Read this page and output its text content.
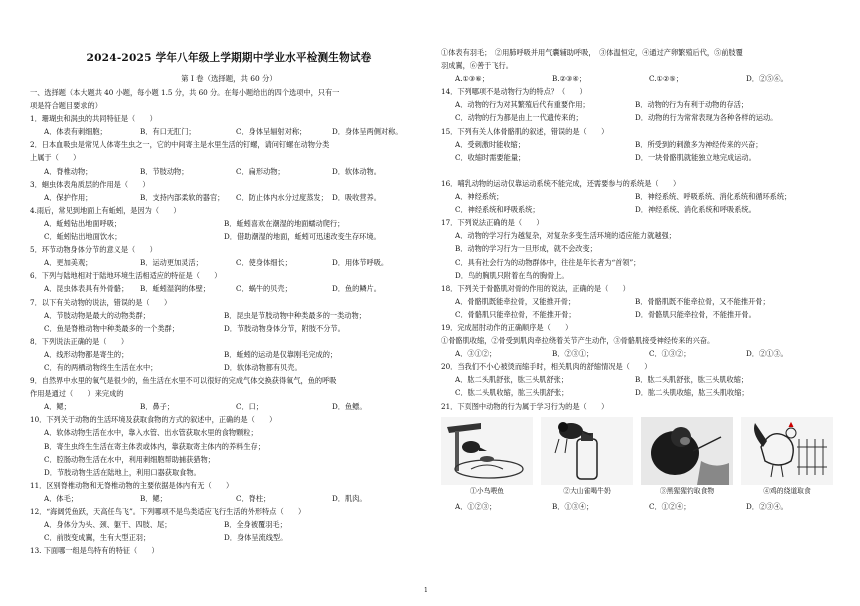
2024-2025 学年八年级上学期期中学业水平检测生物试卷
第 I 卷（选择题，共 60 分）
一、选择题（本大题共 40 小题，每小题 1.5 分，共 60 分。在每小题给出的四个选项中，只有一
项是符合题目要求的）
1．珊瑚虫和涡虫的共同特征是（　　）
A．体表有刺细胞；	B．有口无肛门；	C．身体呈辐射对称；	D．身体呈两侧对称。
2．日本血吸虫是常见人体寄生虫之一，它的中间寄主是水里生活的钉螺，请问钉螺在动物分类
上属于（　　）
A．脊椎动物；	B．节肢动物；	C．扁形动物；	D．软体动物。
3．蛔虫体表角质层的作用是（　　）
A．保护作用；	B．支持内部柔软的器官；	C．防止体内水分过度蒸发； D．吸收营养。
4.雨后，常见到地面上有蚯蚓，是因为（　　）
A．蚯蚓钻出地面呼吸；	B．蚯蚓喜欢在潮湿的地面蠕动爬行；
C．蚯蚓钻出地面饮水；	D．借助潮湿的地面，蚯蚓可迅速改变生存环境。
5．环节动物身体分节的意义是（　　）
A．更加美观；	B．运动更加灵活；	C．使身体细长；	D．用体节呼吸。
6．下列与陆地相对于陆地环境生活相适应的特征是（　　）
A．昆虫体表具有外骨骼；	B．蚯蚓湿润的体壁；	C．蜗牛的贝壳；	D．鱼的鳞片。
7．以下有关动物的说法，错误的是（　　）
A．节肢动物是最大的动物类群；	B．昆虫是节肢动物中种类最多的一类动物；
C．鱼是脊椎动物中种类最多的一个类群；	D．节肢动物身体分节，附肢不分节。
8．下列说法正确的是（　　）
A．线形动物都是寄生的；	B．蚯蚓的运动是仅靠刚毛完成的；
C．有的两栖动物终生生活在水中；	D．软体动物都有贝壳。
9．自然界中水里的氧气是很少的，鱼生活在水里不可以很好的完成气体交换获得氧气，鱼的呼吸
作用是通过（　　）来完成的
A．鳃；	B．鼻子；	C．口；	D．鱼鳔。
10．下列关于动物的生活环境及获取食物的方式的叙述中，正确的是（　　）
A．软体动物生活在水中，靠入水管、出水管获取水里的食物颗粒；
B．寄生虫终生生活在寄主体表或体内，靠获取寄主体内的养料生存；
C．腔肠动物生活在水中，利用刺细胞帮助捕获猎物；
D．节肢动物生活在陆地上，利用口器获取食物。
11．区别脊椎动物和无脊椎动物的主要依据是体内有无（　　）
A．体毛；	B．鳃；	C．脊柱；	D．肌肉。
12．“海阔凭鱼跃，天高任鸟飞”。下列哪项不是鸟类适应飞行生活的外形特点（　　）
A．身体分为头、颈、躯干、四肢、尾；	B．全身被覆羽毛；
C．前肢变成翼，生有大型正羽；	D．身体呈流线型。
13. 下面哪一组是鸟特有的特征（　　）
①体表有羽毛；　②用肺呼吸并用气囊辅助呼吸，　③体温恒定，④通过产卵繁殖后代，⑤前肢覆
羽成翼，⑥善于飞行。
A.①③⑥；	B.②③④；	C.①②⑤；	D．②⑤⑥。
14．下列哪项不是动物行为的特点？（　　）
A．动物的行为对其繁殖后代有重要作用；	B．动物的行为有利于动物的存活；
C．动物的行为都是由上一代遗传来的；	D．动物的行为常常表现为各种各样的运动。
15．下列有关人体骨骼肌的叙述，错误的是（　　）
A．受刺激时能收缩；	B．所受到的刺激多为神经传来的兴奋；
C．收缩时需要能量；	D．一块骨骼肌就能独立地完成运动。
16．哺乳动物的运动仅靠运动系统不能完成，还需要参与的系统是（　　）
A．神经系统；	B．神经系统、呼吸系统、消化系统和循环系统；
C．神经系统和呼吸系统；	D．神经系统、消化系统和呼吸系统。
17．下列说法正确的是（　　）
A．动物的学习行为越复杂，对复杂多变生活环境的适应能力就越强；
B．动物的学习行为一旦形成，就不会改变；
C．具有社会行为的动物群体中，往往是年长者为“首领”；
D．鸟的胸肌只附着在鸟的胸骨上。
18．下列关于骨骼肌对骨的作用的说法，正确的是（　　）
A．骨骼肌既能牵拉骨，又能推开骨；	B．骨骼肌既不能牵拉骨，又不能推开骨；
C．骨骼肌只能牵拉骨，不能推开骨；	D．骨骼肌只能牵拉骨，不能推开骨。
19．完成屈肘动作的正确顺序是（　　）
①骨骼肌收缩，②骨受到肌肉牵拉绕着关节产生动作，③骨骼肌接受神经传来的兴奋。
A．③①②；	B．②③①；	C．①③②；	D．②①③。
20．当我们不小心被烫而缩手时，相关肌肉的舒缩情况是（　　）
A．肱二头肌舒张，肱三头肌舒张；	B．肱二头肌舒张，肱三头肌收缩；
C．肱二头肌收缩，肱三头肌舒张；	D．肱二头肌收缩，肱三头肌收缩；
21．下页图中动物的行为属于学习行为的是（　　）
①小鸟喂鱼	②大山雀喝牛奶	③黑猩猩钓取食物	④鸡的绕道取食
A．①②③；	B．①③④；	C．①②④；	D．②③④。
1
